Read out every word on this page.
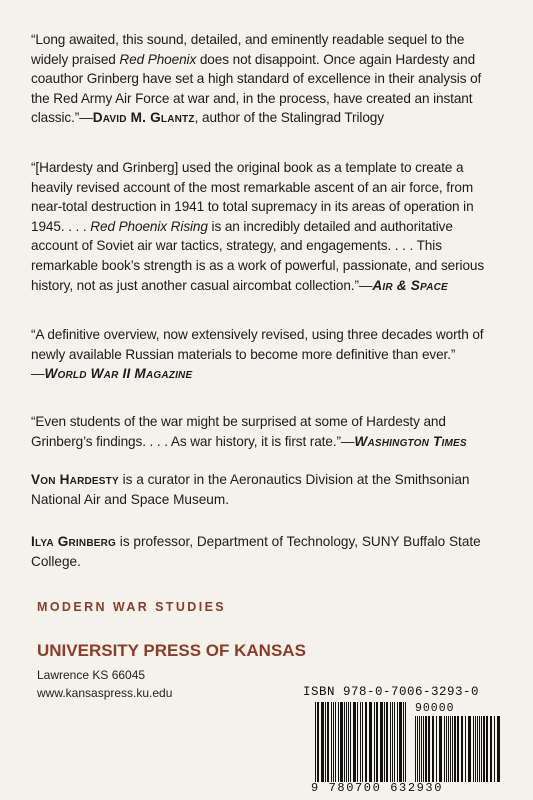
“Long awaited, this sound, detailed, and eminently readable sequel to the widely praised Red Phoenix does not disappoint. Once again Hardesty and coauthor Grinberg have set a high standard of excellence in their analysis of the Red Army Air Force at war and, in the process, have created an instant classic.”—David M. Glantz, author of the Stalingrad Trilogy
“[Hardesty and Grinberg] used the original book as a template to create a heavily revised account of the most remarkable ascent of an air force, from near-total destruction in 1941 to total supremacy in its areas of operation in 1945. . . . Red Phoenix Rising is an incredibly detailed and authoritative account of Soviet air war tactics, strategy, and engagements. . . . This remarkable book’s strength is as a work of powerful, passionate, and serious history, not as just another casual aircombat collection.”—Air & Space
“A definitive overview, now extensively revised, using three decades worth of newly available Russian materials to become more definitive than ever.”
—World War II Magazine
“Even students of the war might be surprised at some of Hardesty and Grinberg’s findings. . . . As war history, it is first rate.”—Washington Times
Von Hardesty is a curator in the Aeronautics Division at the Smithsonian National Air and Space Museum.
Ilya Grinberg is professor, Department of Technology, SUNY Buffalo State College.
MODERN WAR STUDIES
UNIVERSITY PRESS OF KANSAS
Lawrence KS 66045
www.kansaspress.ku.edu	ISBN 978-0-7006-3293-0
90000
9 780700 632930
